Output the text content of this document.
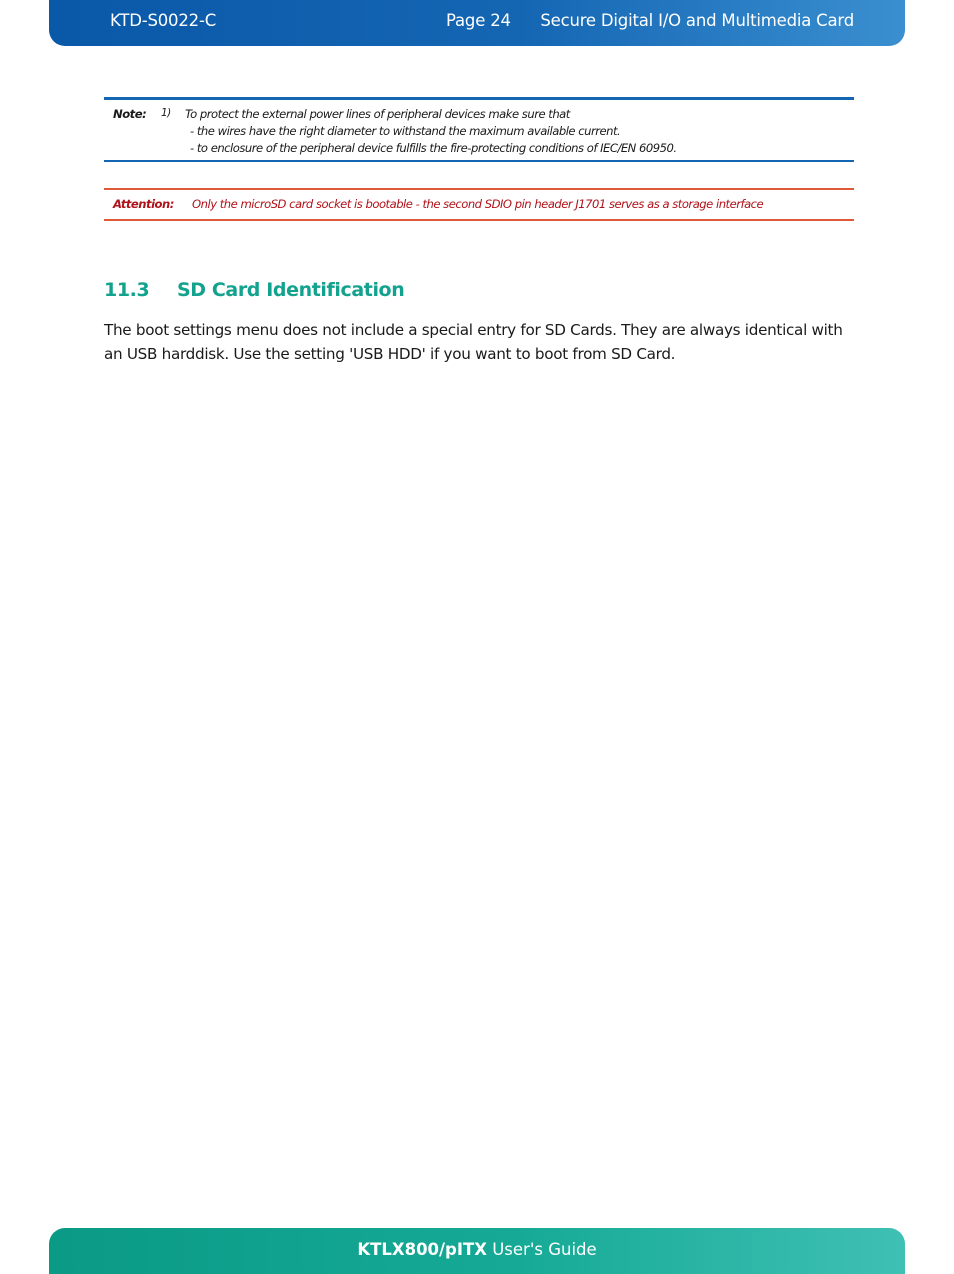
KTD-S0022-C	Page 24 Secure Digital I/O and Multimedia Card
Note: 1) To protect the external power lines of peripheral devices make sure that
- the wires have the right diameter to withstand the maximum available current.
- to enclosure of the peripheral device fulfills the fire-protecting conditions of IEC/EN 60950.
Attention: Only the microSD card socket is bootable - the second SDIO pin header J1701 serves as a storage interface
11.3 SD Card Identification

The boot settings menu does not include a special entry for SD Cards. They are always identical with an USB harddisk. Use the setting 'USB HDD' if you want to boot from SD Card.

KTLX800/pITX User's Guide
